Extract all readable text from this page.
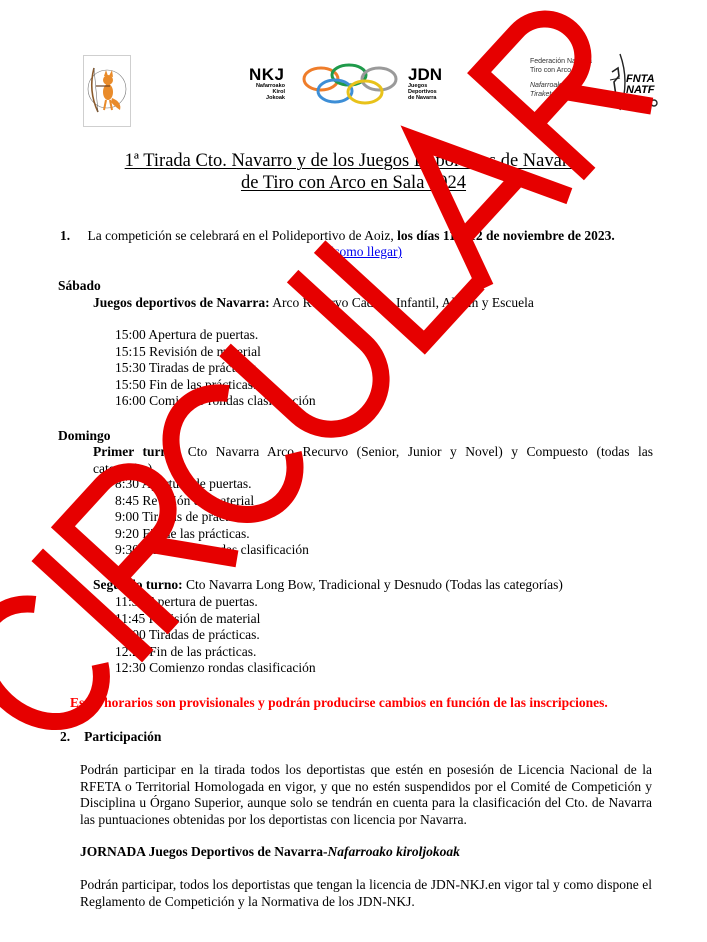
NKJ
Nafarroako
Kirol
Jokoak
JDN
Juegos
Deportivos
de Navarra
Federación Navarra
Tiro con Arco
Nafarroako Arku
Tiraketa Federazioa
FNTA
NATF
1ª Tirada Cto. Navarro y de los Juegos Deportivos de Navarra
de Tiro con Arco en Sala 2024
1. La competición se celebrará en el Polideportivo de Aoiz, los días 11 y 12 de noviembre de 2023.
(como llegar)
Sábado
Juegos deportivos de Navarra: Arco Recurvo Cadete, Infantil, Alevín y Escuela
15:00 Apertura de puertas.
15:15 Revisión de material
15:30 Tiradas de prácticas.
15:50 Fin de las prácticas.
16:00 Comienzo rondas clasificación
Domingo
Primer turno: Cto Navarra Arco Recurvo (Senior, Junior y Novel) y Compuesto (todas las
categorías)
8:30 Apertura de puertas.
8:45 Revisión de material
9:00 Tiradas de prácticas.
9:20 Fin de las prácticas.
9:30 Comienzo rondas clasificación
Segundo turno: Cto Navarra Long Bow, Tradicional y Desnudo (Todas las categorías)
11:30 Apertura de puertas.
11:45 Revisión de material
12:00 Tiradas de prácticas.
12:20 Fin de las prácticas.
12:30 Comienzo rondas clasificación
Estos horarios son provisionales y podrán producirse cambios en función de las inscripciones.
2. Participación
Podrán participar en la tirada todos los deportistas que estén en posesión de Licencia Nacional de la RFETA o Territorial Homologada en vigor, y que no estén suspendidos por el Comité de Competición y Disciplina u Órgano Superior, aunque solo se tendrán en cuenta para la clasificación del Cto. de Navarra las puntuaciones obtenidas por los deportistas con licencia por Navarra.
JORNADA Juegos Deportivos de Navarra-Nafarroako kiroljokoak
Podrán participar, todos los deportistas que tengan la licencia de JDN-NKJ.en vigor tal y como dispone el Reglamento de Competición y la Normativa de los JDN-NKJ.
